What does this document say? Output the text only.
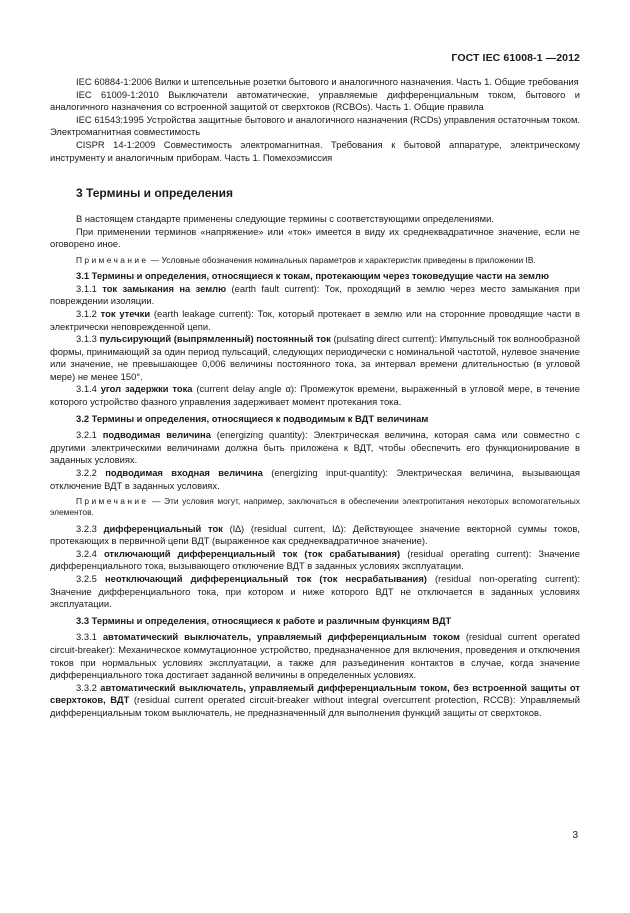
ГОСТ IEC 61008-1 —2012

IEC 60884-1:2006 Вилки и штепсельные розетки бытового и аналогичного назначения. Часть 1. Общие требования

IEC 61009-1:2010 Выключатели автоматические, управляемые дифференциальным током, бытового и аналогичного назначения со встроенной защитой от сверхтоков (RCBOs). Часть 1. Общие правила

IEC 61543:1995 Устройства защитные бытового и аналогичного назначения (RCDs) управления остаточным током. Электромагнитная совместимость

CISPR 14-1:2009 Совместимость электромагнитная. Требования к бытовой аппаратуре, электрическому инструменту и аналогичным приборам. Часть 1. Помехоэмиссия

3 Термины и определения

В настоящем стандарте применены следующие термины с соответствующими определениями.

При применении терминов «напряжение» или «ток» имеется в виду их среднеквадратичное значение, если не оговорено иное.

Примечание — Условные обозначения номинальных параметров и характеристик приведены в приложении IB.

3.1 Термины и определения, относящиеся к токам, протекающим через токоведущие части на землю

3.1.1 ток замыкания на землю (earth fault current): Ток, проходящий в землю через место замыкания при повреждении изоляции.

3.1.2 ток утечки (earth leakage current): Ток, который протекает в землю или на сторонние проводящие части в электрически неповрежденной цепи.

3.1.3 пульсирующий (выпрямленный) постоянный ток (pulsating direct current): Импульсный ток волнообразной формы, принимающий за один период пульсаций, следующих периодически с номинальной частотой, нулевое значение или значение, не превышающее 0,006 величины постоянного тока, за интервал времени длительностью (в угловой мере) не менее 150°.

3.1.4 угол задержки тока (current delay angle α): Промежуток времени, выраженный в угловой мере, в течение которого устройство фазного управления задерживает момент протекания тока.

3.2 Термины и определения, относящиеся к подводимым к ВДТ величинам

3.2.1 подводимая величина (energizing quantity): Электрическая величина, которая сама или совместно с другими электрическими величинами должна быть приложена к ВДТ, чтобы обеспечить его функционирование в заданных условиях.

3.2.2 подводимая входная величина (energizing input-quantity): Электрическая величина, вызывающая отключение ВДТ в заданных условиях.

Примечание — Эти условия могут, например, заключаться в обеспечении электропитания некоторых вспомогательных элементов.

3.2.3 дифференциальный ток (I∆) (residual current, I∆): Действующее значение векторной суммы токов, протекающих в первичной цепи ВДТ (выраженное как среднеквадратичное значение).

3.2.4 отключающий дифференциальный ток (ток срабатывания) (residual operating current): Значение дифференциального тока, вызывающего отключение ВДТ в заданных условиях эксплуатации.

3.2.5 неотключающий дифференциальный ток (ток несрабатывания) (residual non-operating current): Значение дифференциального тока, при котором и ниже которого ВДТ не отключается в заданных условиях эксплуатации.

3.3 Термины и определения, относящиеся к работе и различным функциям ВДТ

3.3.1 автоматический выключатель, управляемый дифференциальным током (residual current operated circuit-breaker): Механическое коммутационное устройство, предназначенное для включения, проведения и отключения токов при нормальных условиях эксплуатации, а также для разъединения контактов в случае, когда значение дифференциального тока достигает заданной величины в определенных условиях.

3.3.2 автоматический выключатель, управляемый дифференциальным током, без встроенной защиты от сверхтоков, ВДТ (residual current operated circuit-breaker without integral overcurrent protection, RCCB): Управляемый дифференциальным током выключатель, не предназначенный для выполнения функций защиты от сверхтоков.

3
